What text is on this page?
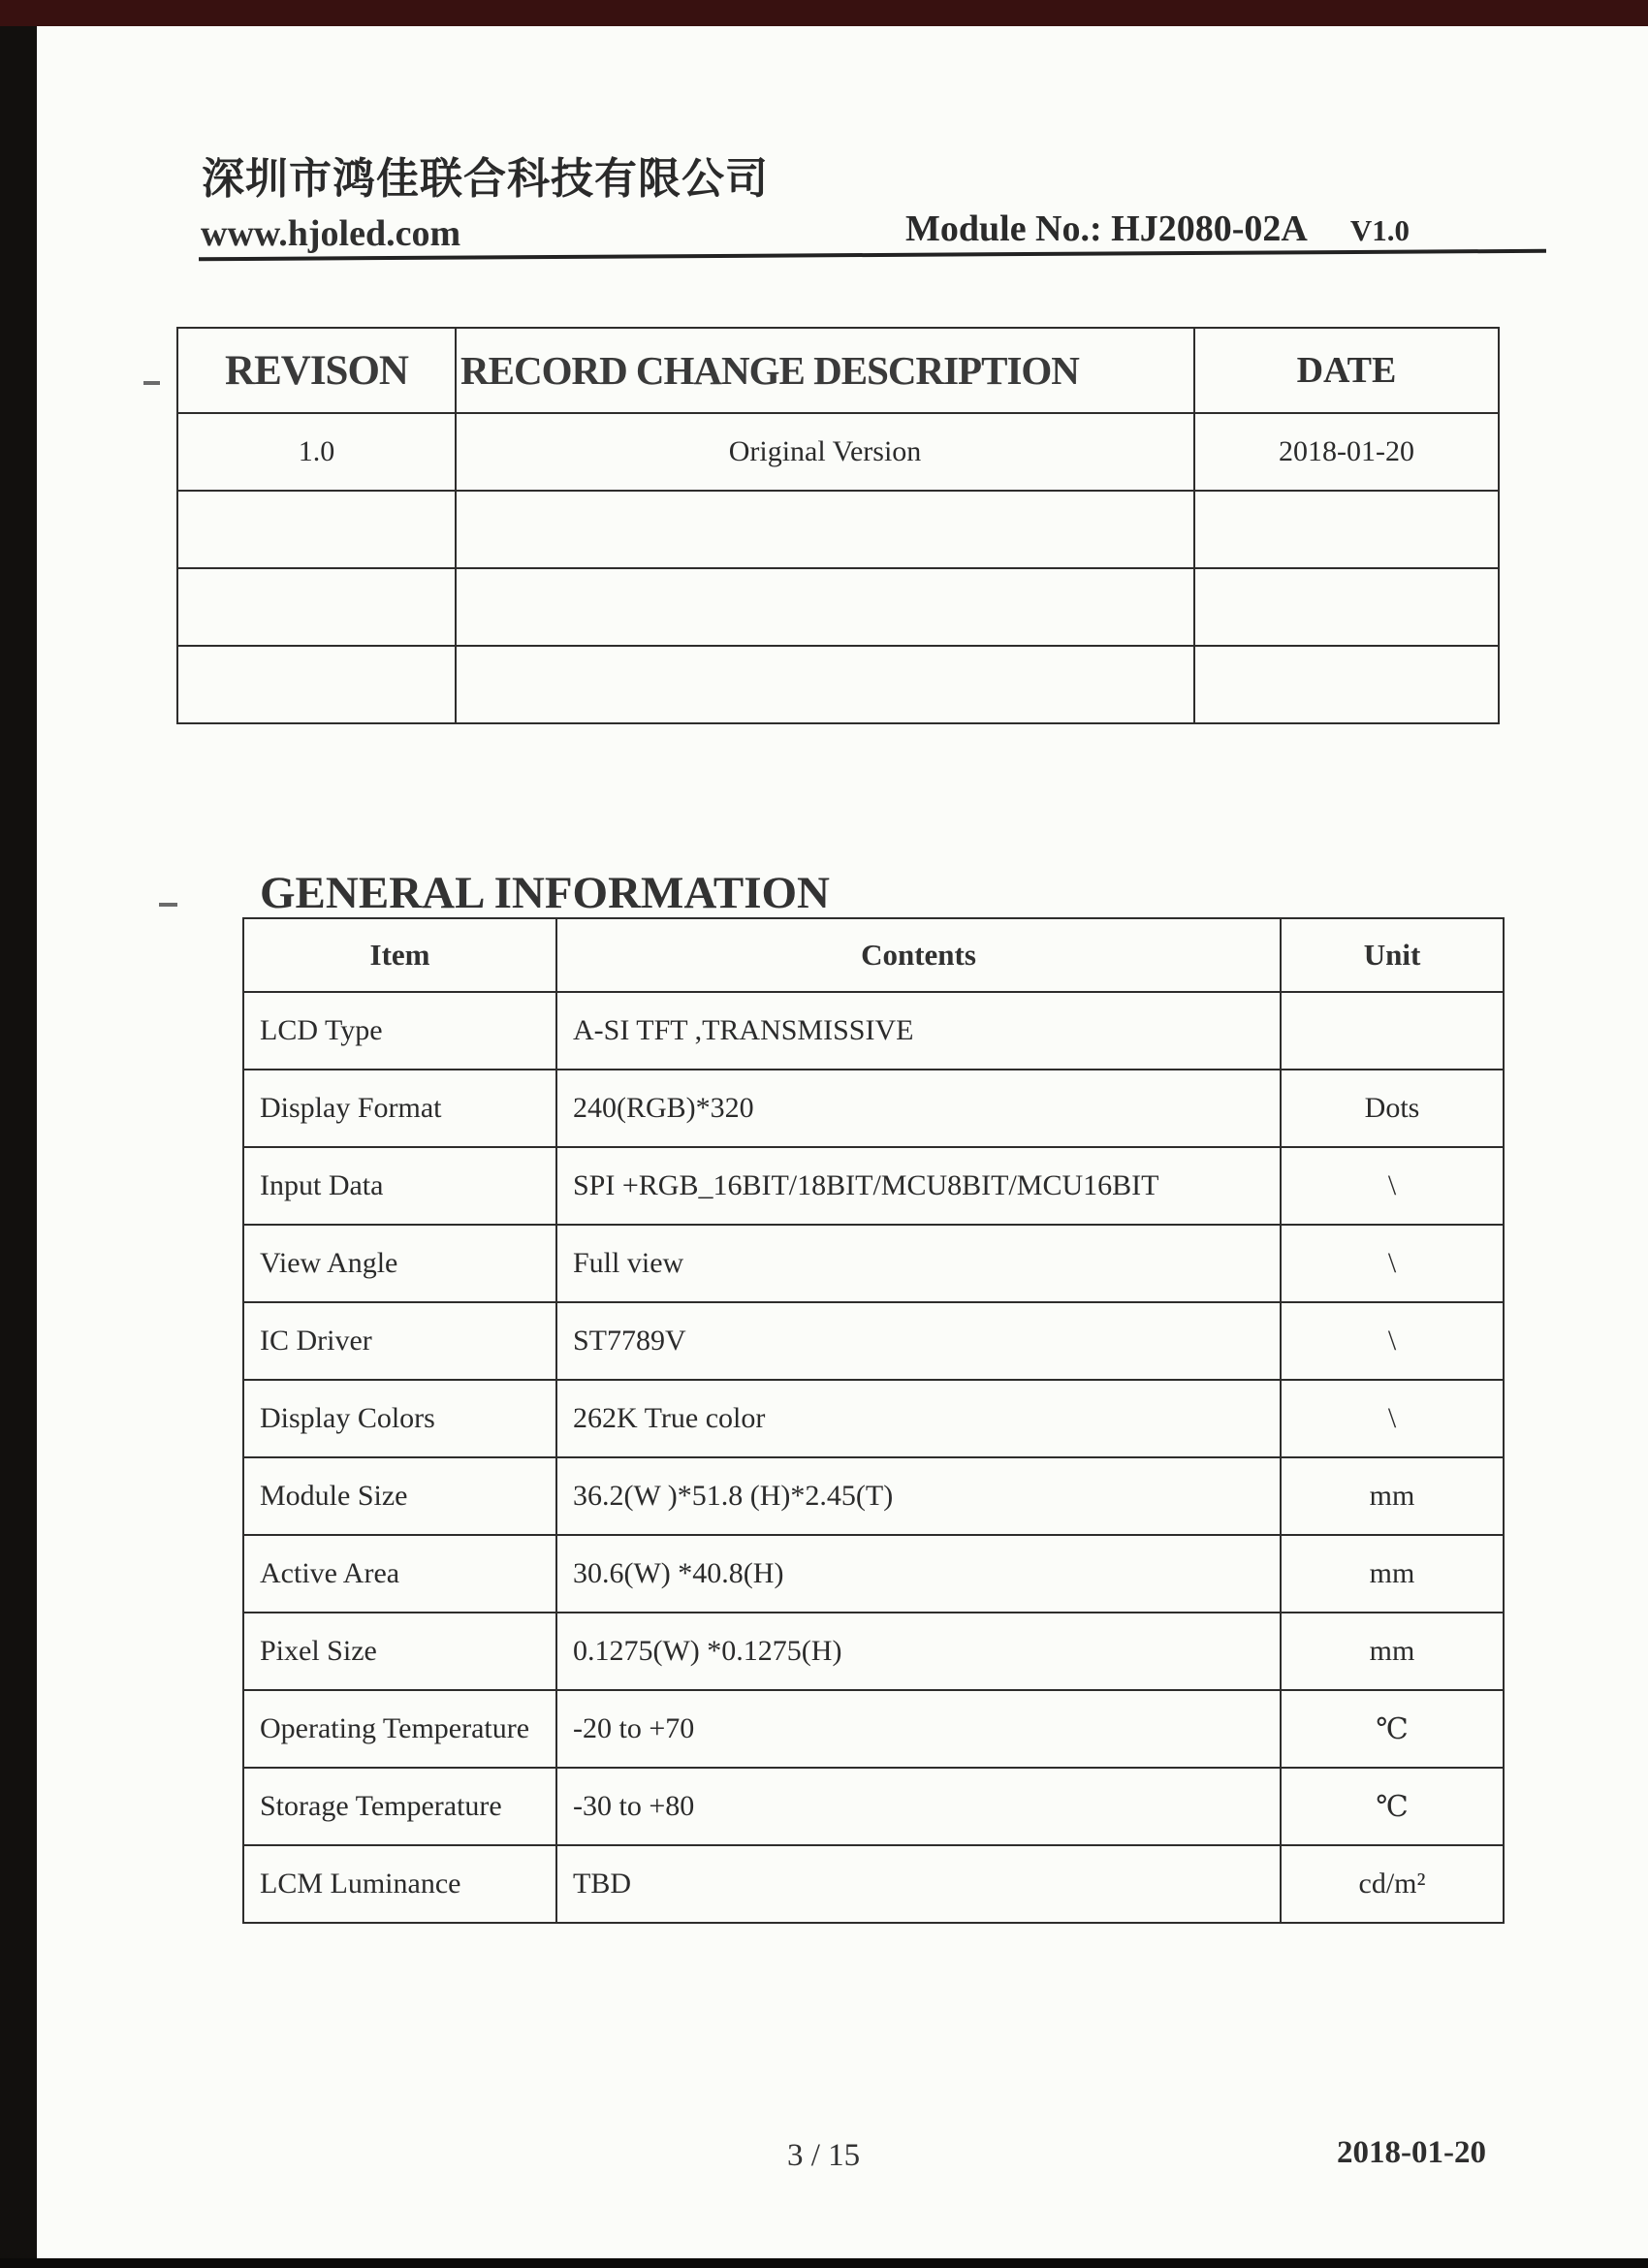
深圳市鸿佳联合科技有限公司
www.hjoled.com	Module No.: HJ2080-02A V1.0
REVISON	RECORD CHANGE DESCRIPTION	DATE
1.0	Original Version	2018-01-20

GENERAL INFORMATION
Item	Contents	Unit
LCD Type	A-SI TFT ,TRANSMISSIVE	
Display Format	240(RGB)*320	Dots
Input Data	SPI +RGB_16BIT/18BIT/MCU8BIT/MCU16BIT	\
View Angle	Full view	\
IC Driver	ST7789V	\
Display Colors	262K True color	\
Module Size	36.2(W )*51.8 (H)*2.45(T)	mm
Active Area	30.6(W) *40.8(H)	mm
Pixel Size	0.1275(W) *0.1275(H)	mm
Operating Temperature	-20 to +70	℃
Storage Temperature	-30 to +80	℃
LCM Luminance	TBD	cd/m²
3 / 15	2018-01-20
